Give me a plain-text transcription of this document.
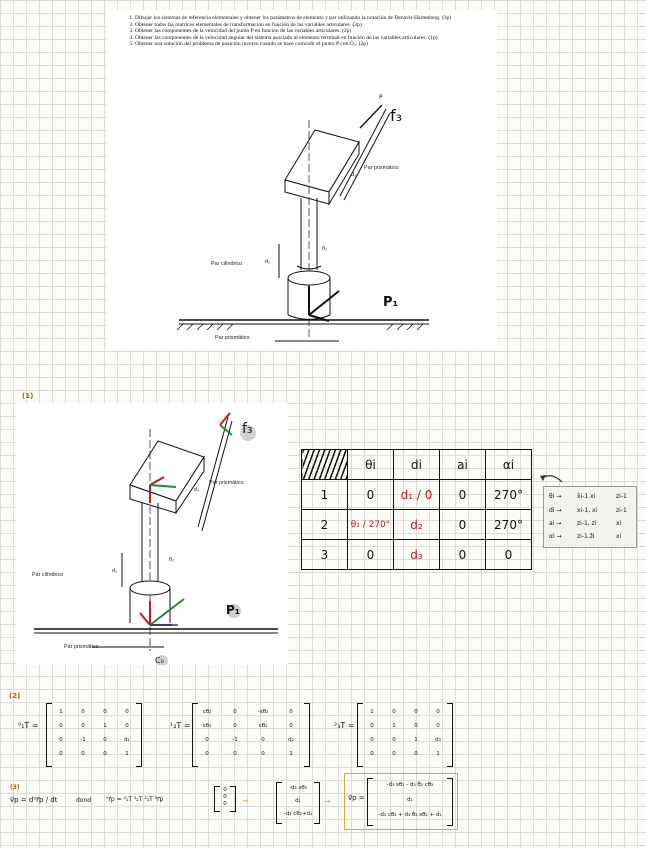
1. Dibujar los sistemas de referencia elementales y obtener los parámetros de elemento y par utilizando la notación de Denavit-Hartenberg. (3p)
2. Obtener todas las matrices elementales de transformación en función de las variables articulares. (2p)
3. Obtener las componentes de la velocidad del punto P en función de las variables articulares. (2p)
4. Obtener las componentes de la velocidad angular del sistema asociado al elemento terminal en función de las variables articulares. (1p)
5. Obtener una solución del problema de posición inverso cuando se hace coincidir el punto P con O₀. (2p)
P
f₃
Par prismático
d₃
θ₂
Par cilíndrico	d₂
P₁
Par prismático
(1)
Par prismático
d₃
θ₂
Par cilíndrico
d₂
Par prismático
f₃
P₁
C₀
	θi	di	ai	αi
1	0	d₁ / 0	0	270°
2	θ₂ / 270°	d₂	0	270°
3	0	d₃	0	0
θi →	x̂i-1 xi	zi-1
di →	xi-1, xi	zi-1
ai →	zi-1, zi	xi
αi →	zi-1 ẑi	xi
(2)
⁰₁T =
1	0	0	0
0	0	1	0
0	-1	0	d₁
0	0	0	1
¹₂T =
cθ₂	0	-sθ₂	0
sθ₂	0	cθ₂	0
0	-1	0	d₂
0	0	0	1
²₃T =
1	0	0	0
0	1	0	0
0	0	1	d₃
0	0	0	1
(3)
v⃗p = d⁰r⃗p / dt	dond ⁰r⃗p = ⁰₁T ¹₂T ²₃T ³r⃗p
0
0
0	→
-d₃ sθ₂
d₁
-d₃ cθ₂+d₁
→ v⃗p =
-ḋ₃ sθ₂ - d₃ θ̇₂ cθ₂
ḋ₁
-ḋ₃ cθ₂ + d₃ θ̇₂ sθ₂ + ḋ₁
